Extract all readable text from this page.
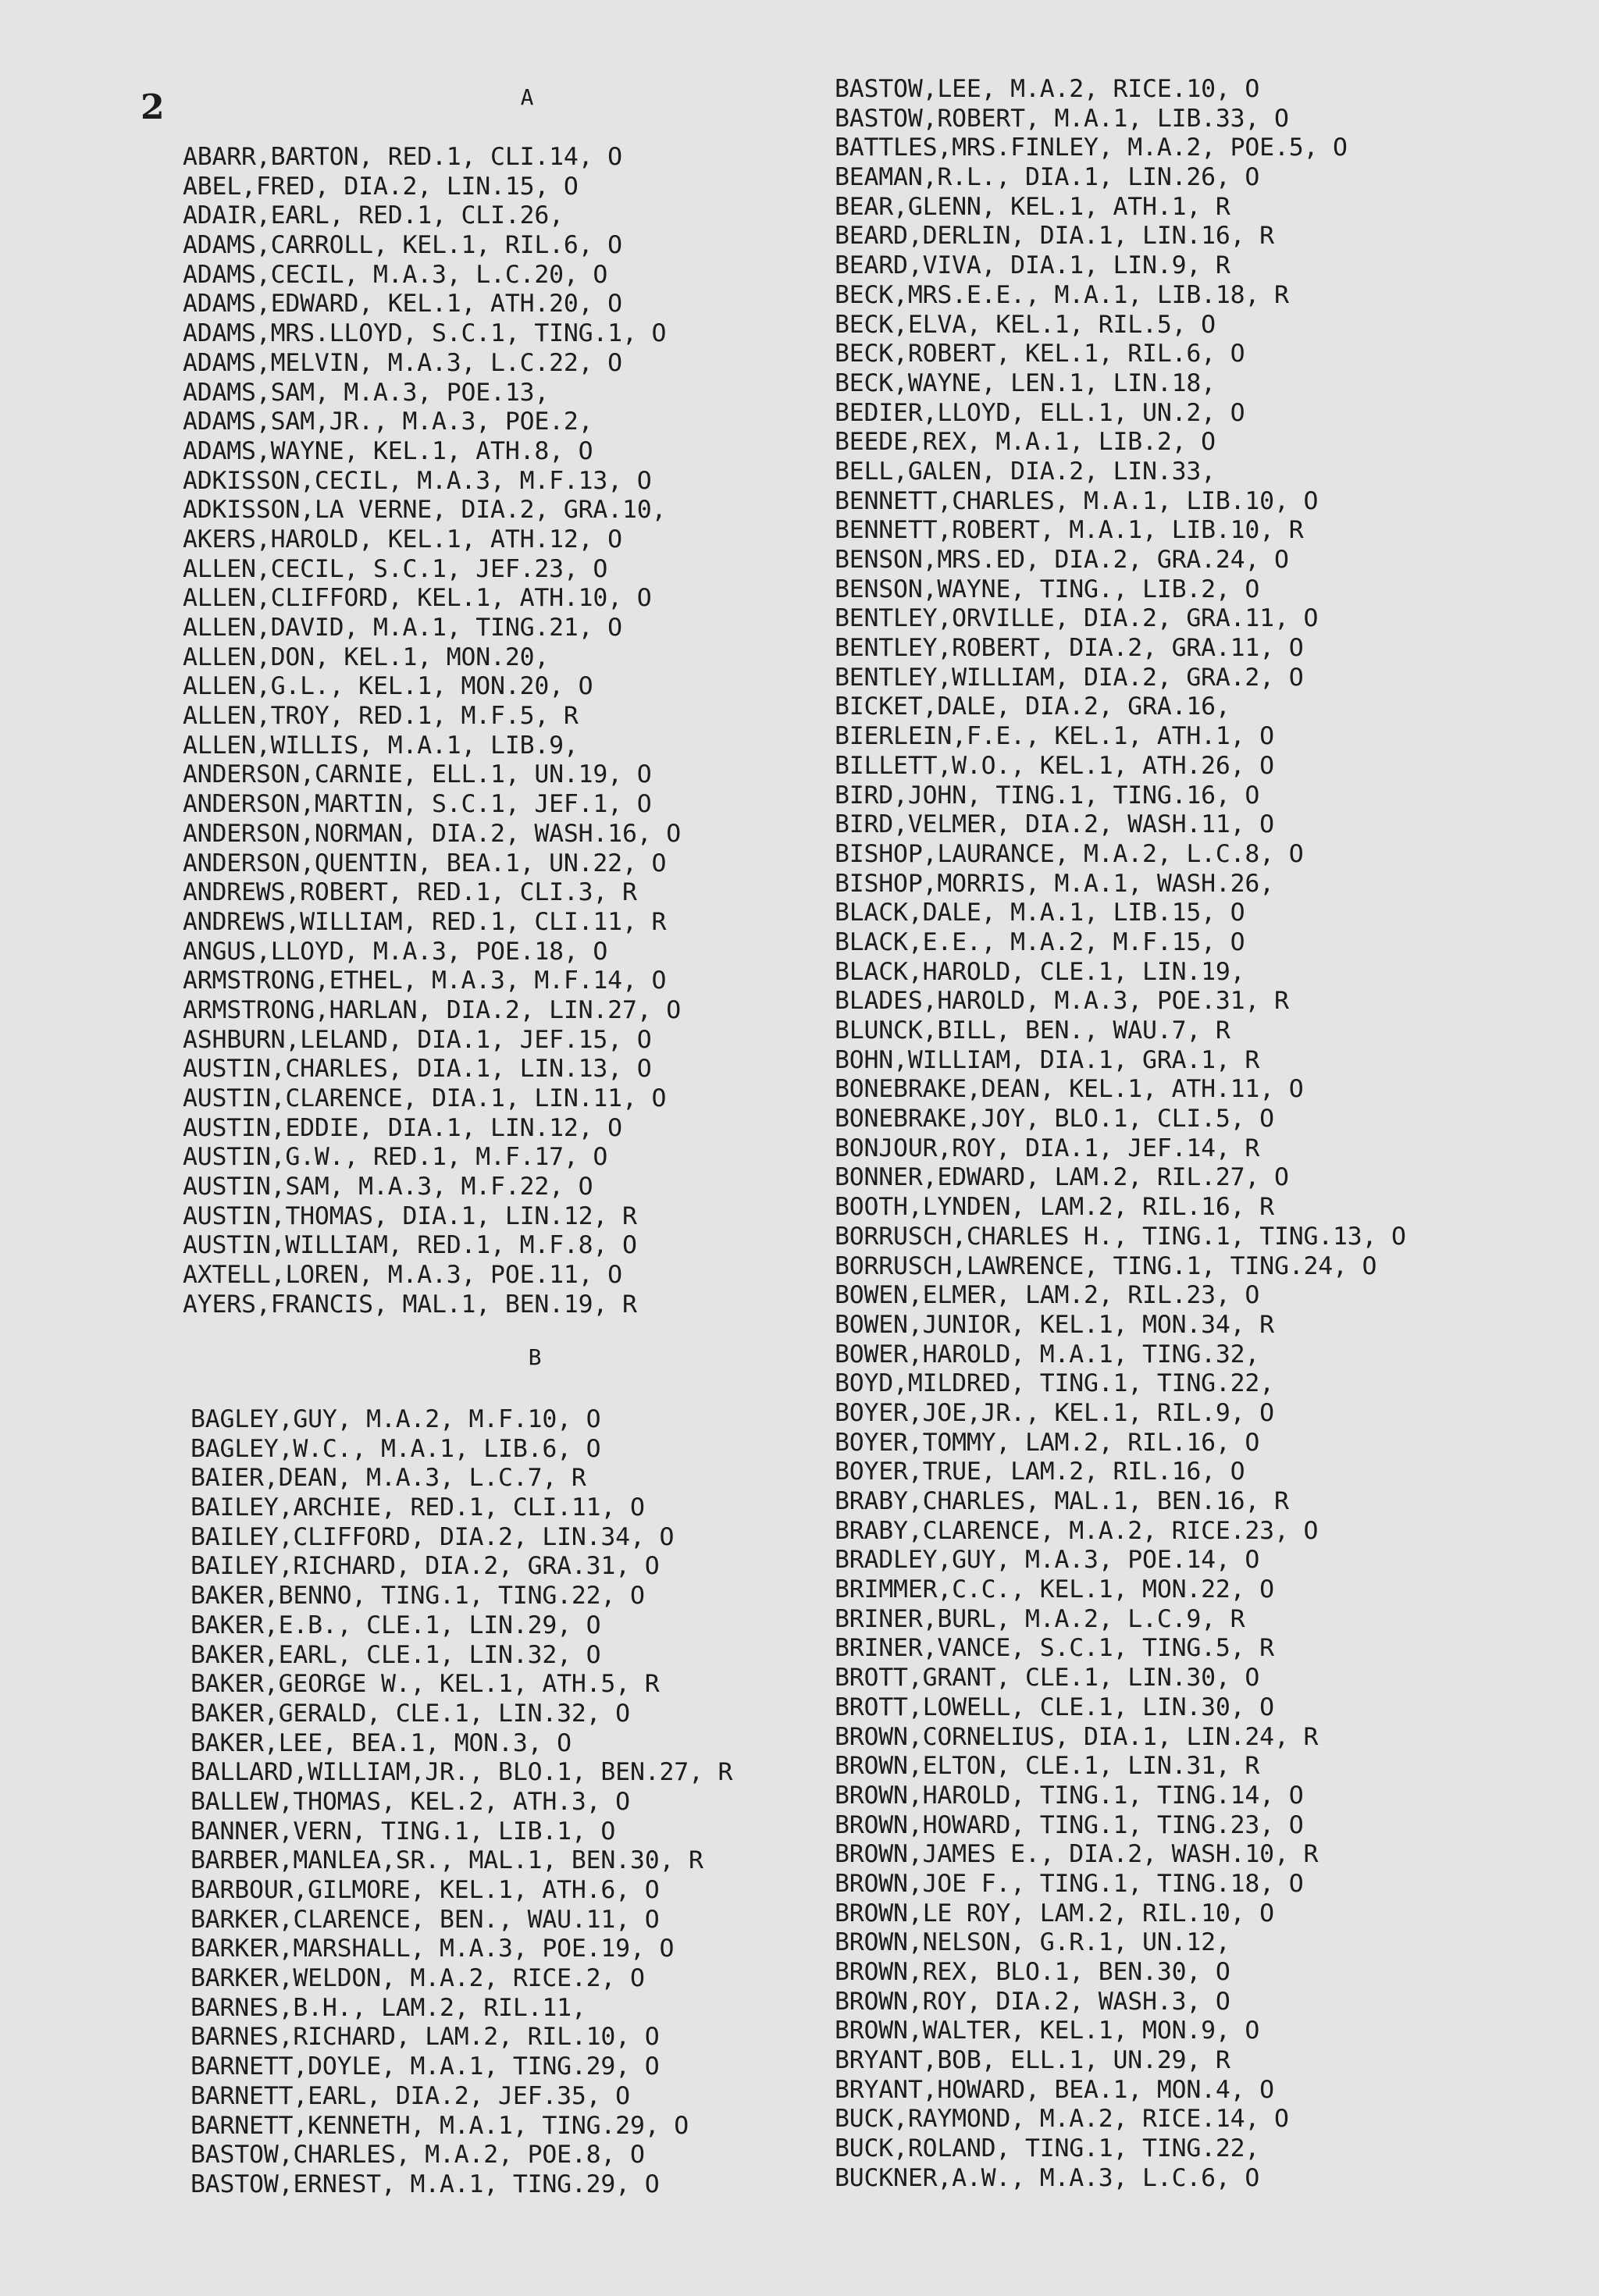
2	A
ABARR,BARTON, RED.1, CLI.14, O
ABEL,FRED, DIA.2, LIN.15, O
ADAIR,EARL, RED.1, CLI.26,
ADAMS,CARROLL, KEL.1, RIL.6, O
ADAMS,CECIL, M.A.3, L.C.20, O
ADAMS,EDWARD, KEL.1, ATH.20, O
ADAMS,MRS.LLOYD, S.C.1, TING.1, O
ADAMS,MELVIN, M.A.3, L.C.22, O
ADAMS,SAM, M.A.3, POE.13,
ADAMS,SAM,JR., M.A.3, POE.2,
ADAMS,WAYNE, KEL.1, ATH.8, O
ADKISSON,CECIL, M.A.3, M.F.13, O
ADKISSON,LA VERNE, DIA.2, GRA.10,
AKERS,HAROLD, KEL.1, ATH.12, O
ALLEN,CECIL, S.C.1, JEF.23, O
ALLEN,CLIFFORD, KEL.1, ATH.10, O
ALLEN,DAVID, M.A.1, TING.21, O
ALLEN,DON, KEL.1, MON.20,
ALLEN,G.L., KEL.1, MON.20, O
ALLEN,TROY, RED.1, M.F.5, R
ALLEN,WILLIS, M.A.1, LIB.9,
ANDERSON,CARNIE, ELL.1, UN.19, O
ANDERSON,MARTIN, S.C.1, JEF.1, O
ANDERSON,NORMAN, DIA.2, WASH.16, O
ANDERSON,QUENTIN, BEA.1, UN.22, O
ANDREWS,ROBERT, RED.1, CLI.3, R
ANDREWS,WILLIAM, RED.1, CLI.11, R
ANGUS,LLOYD, M.A.3, POE.18, O
ARMSTRONG,ETHEL, M.A.3, M.F.14, O
ARMSTRONG,HARLAN, DIA.2, LIN.27, O
ASHBURN,LELAND, DIA.1, JEF.15, O
AUSTIN,CHARLES, DIA.1, LIN.13, O
AUSTIN,CLARENCE, DIA.1, LIN.11, O
AUSTIN,EDDIE, DIA.1, LIN.12, O
AUSTIN,G.W., RED.1, M.F.17, O
AUSTIN,SAM, M.A.3, M.F.22, O
AUSTIN,THOMAS, DIA.1, LIN.12, R
AUSTIN,WILLIAM, RED.1, M.F.8, O
AXTELL,LOREN, M.A.3, POE.11, O
AYERS,FRANCIS, MAL.1, BEN.19, R
B
BAGLEY,GUY, M.A.2, M.F.10, O
BAGLEY,W.C., M.A.1, LIB.6, O
BAIER,DEAN, M.A.3, L.C.7, R
BAILEY,ARCHIE, RED.1, CLI.11, O
BAILEY,CLIFFORD, DIA.2, LIN.34, O
BAILEY,RICHARD, DIA.2, GRA.31, O
BAKER,BENNO, TING.1, TING.22, O
BAKER,E.B., CLE.1, LIN.29, O
BAKER,EARL, CLE.1, LIN.32, O
BAKER,GEORGE W., KEL.1, ATH.5, R
BAKER,GERALD, CLE.1, LIN.32, O
BAKER,LEE, BEA.1, MON.3, O
BALLARD,WILLIAM,JR., BLO.1, BEN.27, R
BALLEW,THOMAS, KEL.2, ATH.3, O
BANNER,VERN, TING.1, LIB.1, O
BARBER,MANLEA,SR., MAL.1, BEN.30, R
BARBOUR,GILMORE, KEL.1, ATH.6, O
BARKER,CLARENCE, BEN., WAU.11, O
BARKER,MARSHALL, M.A.3, POE.19, O
BARKER,WELDON, M.A.2, RICE.2, O
BARNES,B.H., LAM.2, RIL.11,
BARNES,RICHARD, LAM.2, RIL.10, O
BARNETT,DOYLE, M.A.1, TING.29, O
BARNETT,EARL, DIA.2, JEF.35, O
BARNETT,KENNETH, M.A.1, TING.29, O
BASTOW,CHARLES, M.A.2, POE.8, O
BASTOW,ERNEST, M.A.1, TING.29, O
BASTOW,LEE, M.A.2, RICE.10, O
BASTOW,ROBERT, M.A.1, LIB.33, O
BATTLES,MRS.FINLEY, M.A.2, POE.5, O
BEAMAN,R.L., DIA.1, LIN.26, O
BEAR,GLENN, KEL.1, ATH.1, R
BEARD,DERLIN, DIA.1, LIN.16, R
BEARD,VIVA, DIA.1, LIN.9, R
BECK,MRS.E.E., M.A.1, LIB.18, R
BECK,ELVA, KEL.1, RIL.5, O
BECK,ROBERT, KEL.1, RIL.6, O
BECK,WAYNE, LEN.1, LIN.18,
BEDIER,LLOYD, ELL.1, UN.2, O
BEEDE,REX, M.A.1, LIB.2, O
BELL,GALEN, DIA.2, LIN.33,
BENNETT,CHARLES, M.A.1, LIB.10, O
BENNETT,ROBERT, M.A.1, LIB.10, R
BENSON,MRS.ED, DIA.2, GRA.24, O
BENSON,WAYNE, TING., LIB.2, O
BENTLEY,ORVILLE, DIA.2, GRA.11, O
BENTLEY,ROBERT, DIA.2, GRA.11, O
BENTLEY,WILLIAM, DIA.2, GRA.2, O
BICKET,DALE, DIA.2, GRA.16,
BIERLEIN,F.E., KEL.1, ATH.1, O
BILLETT,W.O., KEL.1, ATH.26, O
BIRD,JOHN, TING.1, TING.16, O
BIRD,VELMER, DIA.2, WASH.11, O
BISHOP,LAURANCE, M.A.2, L.C.8, O
BISHOP,MORRIS, M.A.1, WASH.26,
BLACK,DALE, M.A.1, LIB.15, O
BLACK,E.E., M.A.2, M.F.15, O
BLACK,HAROLD, CLE.1, LIN.19,
BLADES,HAROLD, M.A.3, POE.31, R
BLUNCK,BILL, BEN., WAU.7, R
BOHN,WILLIAM, DIA.1, GRA.1, R
BONEBRAKE,DEAN, KEL.1, ATH.11, O
BONEBRAKE,JOY, BLO.1, CLI.5, O
BONJOUR,ROY, DIA.1, JEF.14, R
BONNER,EDWARD, LAM.2, RIL.27, O
BOOTH,LYNDEN, LAM.2, RIL.16, R
BORRUSCH,CHARLES H., TING.1, TING.13, O
BORRUSCH,LAWRENCE, TING.1, TING.24, O
BOWEN,ELMER, LAM.2, RIL.23, O
BOWEN,JUNIOR, KEL.1, MON.34, R
BOWER,HAROLD, M.A.1, TING.32,
BOYD,MILDRED, TING.1, TING.22,
BOYER,JOE,JR., KEL.1, RIL.9, O
BOYER,TOMMY, LAM.2, RIL.16, O
BOYER,TRUE, LAM.2, RIL.16, O
BRABY,CHARLES, MAL.1, BEN.16, R
BRABY,CLARENCE, M.A.2, RICE.23, O
BRADLEY,GUY, M.A.3, POE.14, O
BRIMMER,C.C., KEL.1, MON.22, O
BRINER,BURL, M.A.2, L.C.9, R
BRINER,VANCE, S.C.1, TING.5, R
BROTT,GRANT, CLE.1, LIN.30, O
BROTT,LOWELL, CLE.1, LIN.30, O
BROWN,CORNELIUS, DIA.1, LIN.24, R
BROWN,ELTON, CLE.1, LIN.31, R
BROWN,HAROLD, TING.1, TING.14, O
BROWN,HOWARD, TING.1, TING.23, O
BROWN,JAMES E., DIA.2, WASH.10, R
BROWN,JOE F., TING.1, TING.18, O
BROWN,LE ROY, LAM.2, RIL.10, O
BROWN,NELSON, G.R.1, UN.12,
BROWN,REX, BLO.1, BEN.30, O
BROWN,ROY, DIA.2, WASH.3, O
BROWN,WALTER, KEL.1, MON.9, O
BRYANT,BOB, ELL.1, UN.29, R
BRYANT,HOWARD, BEA.1, MON.4, O
BUCK,RAYMOND, M.A.2, RICE.14, O
BUCK,ROLAND, TING.1, TING.22,
BUCKNER,A.W., M.A.3, L.C.6, O
